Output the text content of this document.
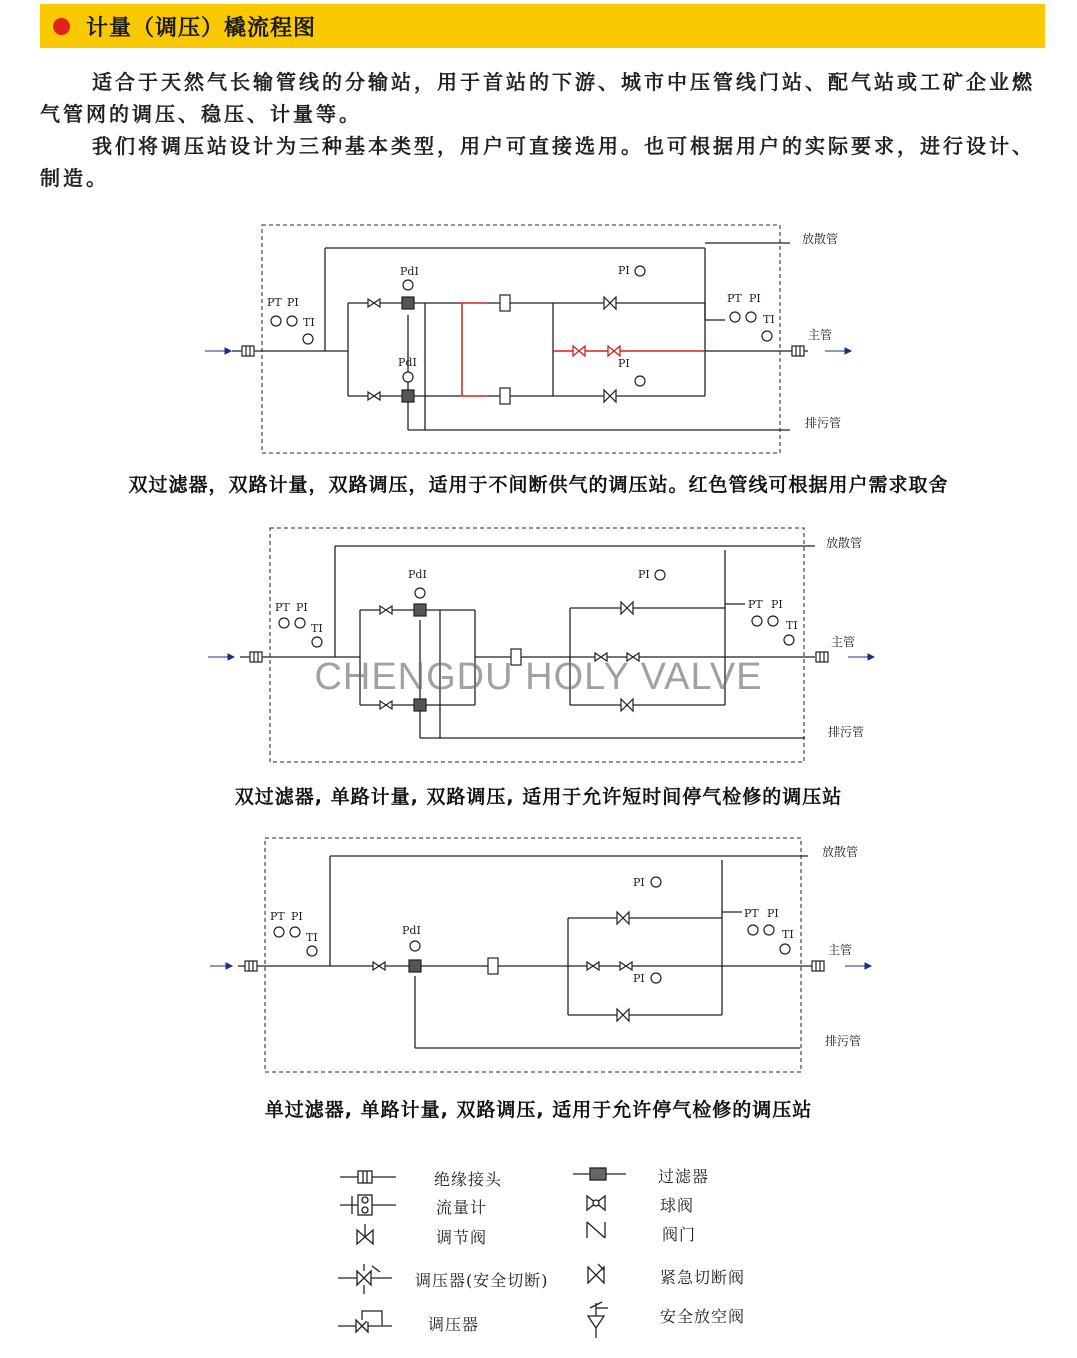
计量（调压）橇流程图

适合于天然气长输管线的分输站，用于首站的下游、城市中压管线门站、配气站或工矿企业燃气管网的调压、稳压、计量等。

我们将调压站设计为三种基本类型，用户可直接选用。也可根据用户的实际要求，进行设计、制造。

PT PI
TI
PdI
PdI
PI
PI
PT PI
TI
放散管
主管
排污管
双过滤器，双路计量，双路调压，适用于不间断供气的调压站。红色管线可根据用户需求取舍
PT PI
TI
PdI	PI
PT PI
TI
放散管
主管
排污管
CHENGDU HOLY VALVE
双过滤器, 单路计量, 双路调压, 适用于允许短时间停气检修的调压站
PT PI
TI
PdI
PI
PI
PT PI
TI
放散管
主管
排污管
单过滤器, 单路计量, 双路调压, 适用于允许停气检修的调压站
绝缘接头
流量计
调节阀
调压器(安全切断)
调压器
过滤器
球阀
阀门
紧急切断阀
安全放空阀
